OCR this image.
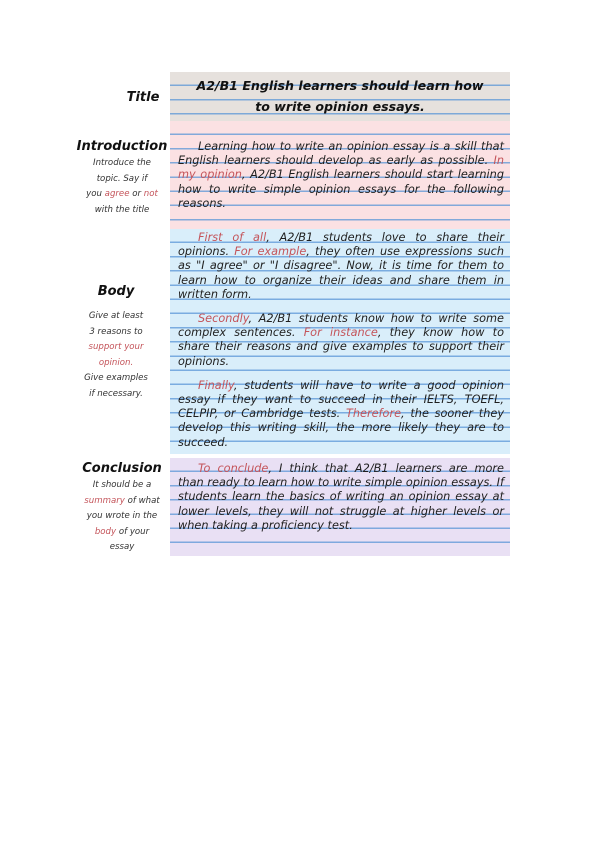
Title
Introduction
Introduce the
topic. Say if
you agree or not
with the title
Body
Give at least
3 reasons to
support your
opinion.
Give examples
if necessary.
Conclusion
It should be a
summary of what
you wrote in the
body of your
essay
A2/B1 English learners should learn how
to write opinion essays.

Learning how to write an opinion essay is a skill that English learners should develop as early as possible. In my opinion, A2/B1 English learners should start learning how to write simple opinion essays for the following reasons.

First of all, A2/B1 students love to share their opinions. For example, they often use expressions such as "I agree" or "I disagree". Now, it is time for them to learn how to organize their ideas and share them in written form.

Secondly, A2/B1 students know how to write some complex sentences. For instance, they know how to share their reasons and give examples to support their opinions.

Finally, students will have to write a good opinion essay if they want to succeed in their IELTS, TOEFL, CELPIP, or Cambridge tests. Therefore, the sooner they develop this writing skill, the more likely they are to succeed.

To conclude, I think that A2/B1 learners are more than ready to learn how to write simple opinion essays. If students learn the basics of writing an opinion essay at lower levels, they will not struggle at higher levels or when taking a proficiency test.
